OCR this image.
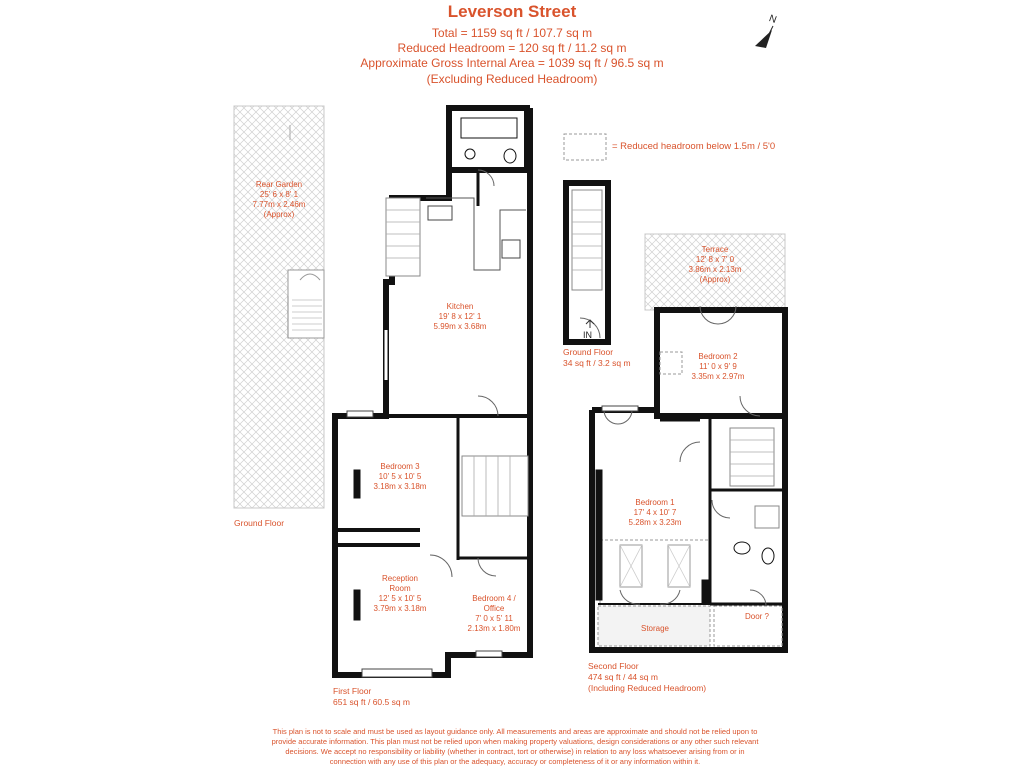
Leverson Street
Total = 1159 sq ft / 107.7 sq m
Reduced Headroom = 120 sq ft / 11.2 sq m
Approximate Gross Internal Area = 1039 sq ft / 96.5 sq m
(Excluding Reduced Headroom)
N
= Reduced headroom below 1.5m / 5'0
Rear Garden
25' 6 x 8' 1
7.77m x 2.46m
(Approx)
Kitchen
19' 8 x 12' 1
5.99m x 3.68m
Bedroom 3
10' 5 x 10' 5
3.18m x 3.18m
Reception
Room
12' 5 x 10' 5
3.79m x 3.18m
Bedroom 4 /
Office
7' 0 x 5' 11
2.13m x 1.80m
Terrace
12' 8 x 7' 0
3.86m x 2.13m
(Approx)
Bedroom 2
11' 0 x 9' 9
3.35m x 2.97m
Bedroom 1
17' 4 x 10' 7
5.28m x 3.23m
Storage
Door ?
IN
Ground Floor
First Floor
651 sq ft / 60.5 sq m
Ground Floor
34 sq ft / 3.2 sq m
Second Floor
474 sq ft / 44 sq m
(Including Reduced Headroom)
This plan is not to scale and must be used as layout guidance only. All measurements and areas are approximate and should not be relied upon to
provide accurate information. This plan must not be relied upon when making property valuations, design considerations or any other such relevant
decisions. We accept no responsibility or liability (whether in contract, tort or otherwise) in relation to any loss whatsoever arising from or in
connection with any use of this plan or the adequacy, accuracy or completeness of it or any information within it.
